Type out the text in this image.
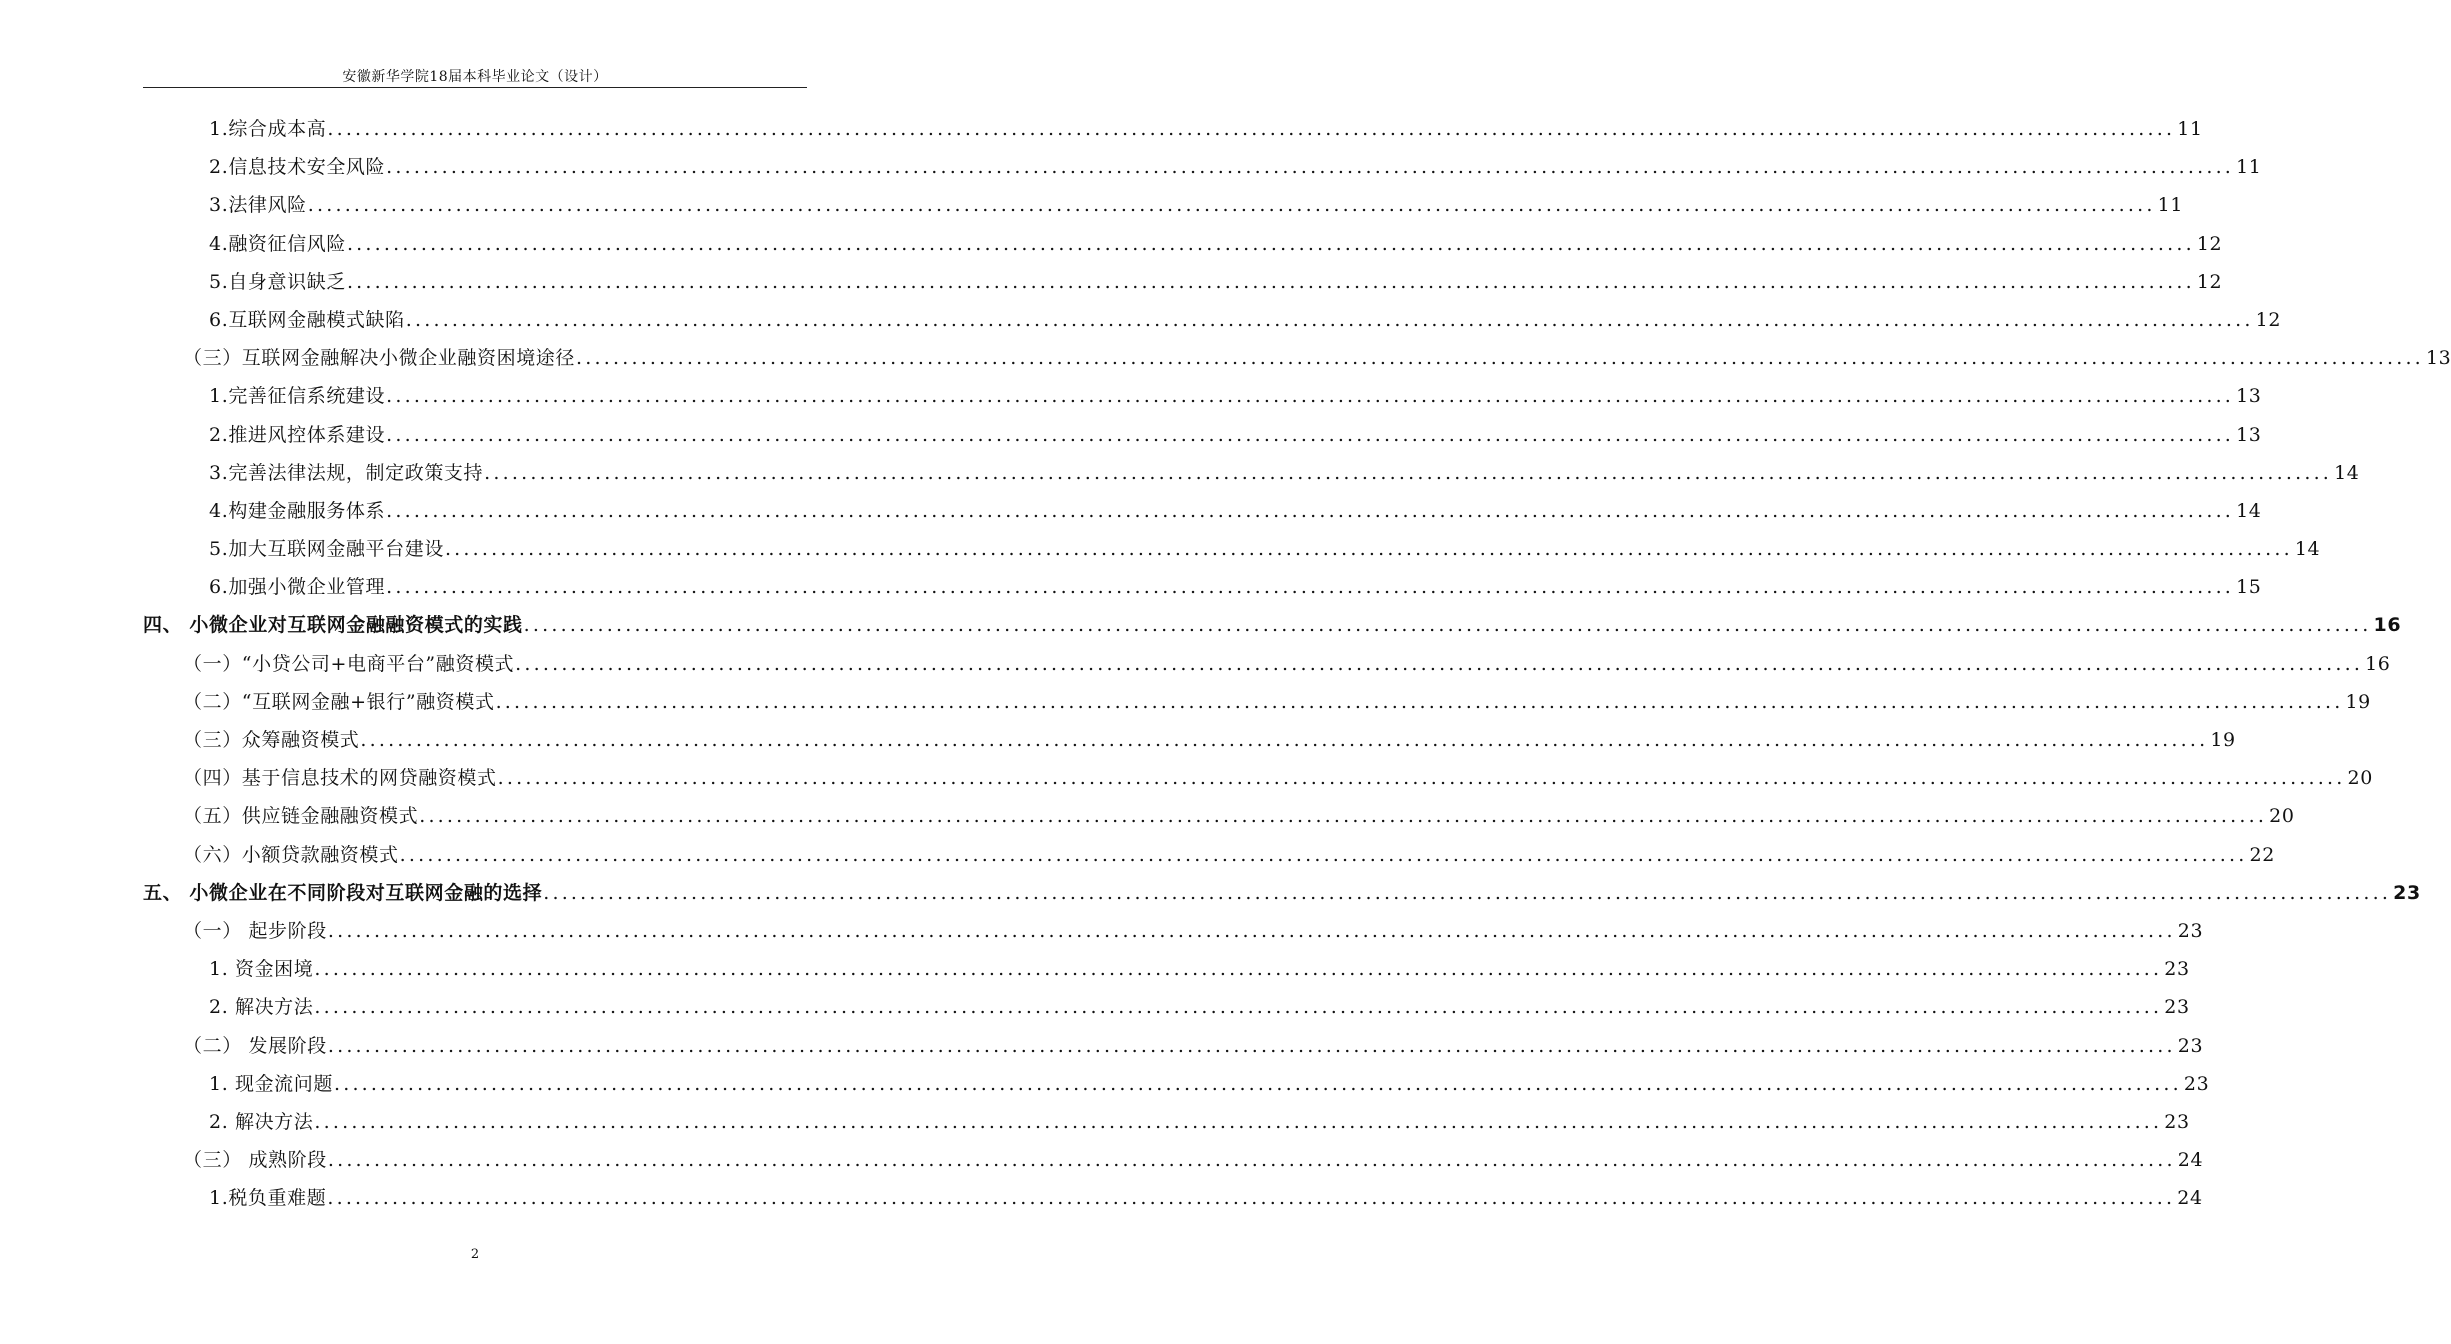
安徽新华学院18届本科毕业论文（设计）
1.综合成本高 ........................................................................................................................................................................................................ 11
2.信息技术安全风险 ........................................................................................................................................................................................................ 11
3.法律风险 ........................................................................................................................................................................................................ 11
4.融资征信风险 ........................................................................................................................................................................................................ 12
5.自身意识缺乏 ........................................................................................................................................................................................................ 12
6.互联网金融模式缺陷 ........................................................................................................................................................................................................ 12
（三）互联网金融解决小微企业融资困境途径 ........................................................................................................................................................................................................ 13
1.完善征信系统建设 ........................................................................................................................................................................................................ 13
2.推进风控体系建设 ........................................................................................................................................................................................................ 13
3.完善法律法规，制定政策支持 ........................................................................................................................................................................................................ 14
4.构建金融服务体系 ........................................................................................................................................................................................................ 14
5.加大互联网金融平台建设 ........................................................................................................................................................................................................ 14
6.加强小微企业管理 ........................................................................................................................................................................................................ 15
四、 小微企业对互联网金融融资模式的实践 ........................................................................................................................................................................................................ 16
（一）“小贷公司+电商平台”融资模式 ........................................................................................................................................................................................................ 16
（二）“互联网金融+银行”融资模式 ........................................................................................................................................................................................................ 19
（三）众筹融资模式 ........................................................................................................................................................................................................ 19
（四）基于信息技术的网贷融资模式 ........................................................................................................................................................................................................ 20
（五）供应链金融融资模式 ........................................................................................................................................................................................................ 20
（六）小额贷款融资模式 ........................................................................................................................................................................................................ 22
五、 小微企业在不同阶段对互联网金融的选择 ........................................................................................................................................................................................................ 23
（一） 起步阶段 ........................................................................................................................................................................................................ 23
1. 资金困境 ........................................................................................................................................................................................................ 23
2. 解决方法 ........................................................................................................................................................................................................ 23
（二） 发展阶段 ........................................................................................................................................................................................................ 23
1. 现金流问题 ........................................................................................................................................................................................................ 23
2. 解决方法 ........................................................................................................................................................................................................ 23
（三） 成熟阶段 ........................................................................................................................................................................................................ 24
1.税负重难题 ........................................................................................................................................................................................................ 24
2
